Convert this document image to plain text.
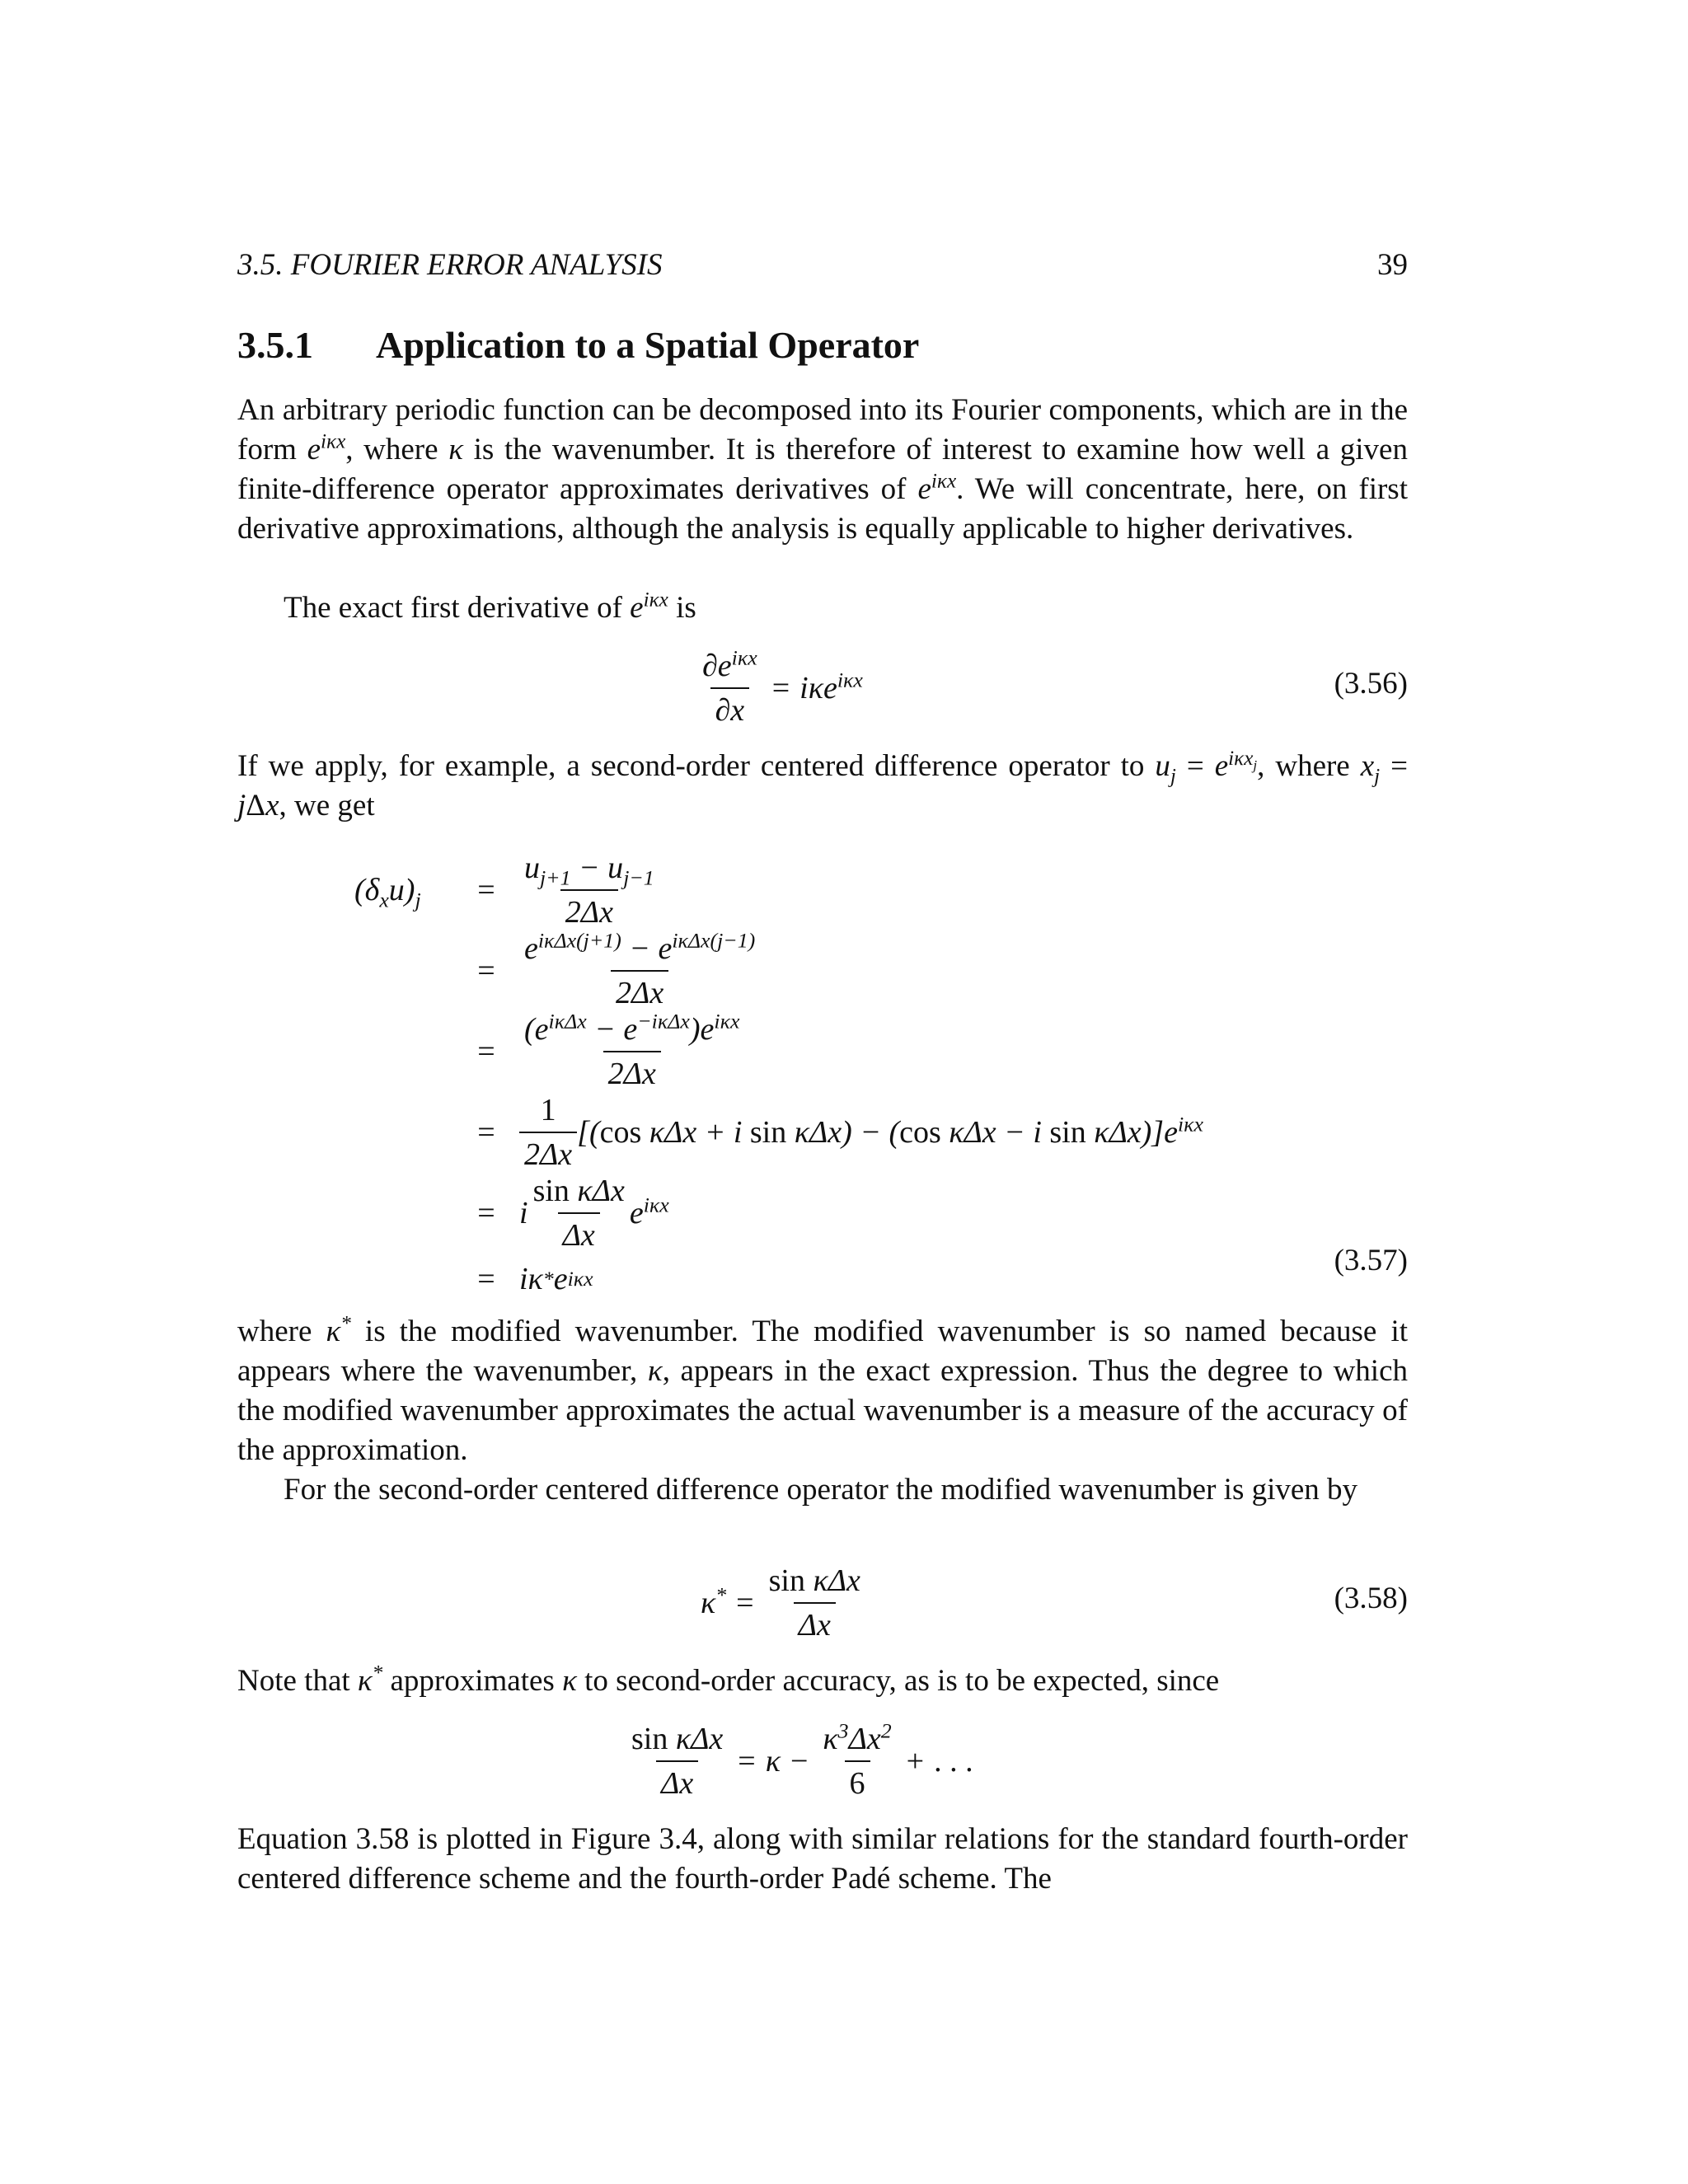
3.5. FOURIER ERROR ANALYSIS	39
3.5.1 Application to a Spatial Operator

An arbitrary periodic function can be decomposed into its Fourier components, which are in the form $e^{i\kappa x}$, where κ is the wavenumber. It is therefore of interest to examine how well a given finite-difference operator approximates derivatives of $e^{i\kappa x}$. We will concentrate, here, on first derivative approximations, although the analysis is equally applicable to higher derivatives.

The exact first derivative of $e^{i\kappa x}$ is

$\frac{\partial e^{i\kappa x}}{\partial x} = i\kappa e^{i\kappa x}$	(3.56)

If we apply, for example, a second-order centered difference operator to $u_j = e^{i\kappa x_j}$, where $x_j = j\Delta x$, we get

$(\delta_xu)_j = \frac{u_{j+1} - u_{j-1}}{2\Delta x}$
= $\frac{e^{i\kappa\Delta x(j+1)} - e^{i\kappa\Delta x(j-1)}}{2\Delta x}$
= $\frac{(e^{i\kappa\Delta x} - e^{-i\kappa\Delta x})e^{i\kappa x}}{2\Delta x}$
= $\frac{1}{2\Delta x} [(\cos$ κΔx + i sin κΔx) − (cos κΔx − i $\sin \kappa\Delta x)]e^{i\kappa x}$
= i $\frac{\text{sin κΔx}}{\Delta x} e^{i\kappa x}$
= iκ * e iκx
(3.57)

where κ* is the modified wavenumber. The modified wavenumber is so named because it appears where the wavenumber, κ, appears in the exact expression. Thus the degree to which the modified wavenumber approximates the actual wavenumber is a measure of the accuracy of the approximation.

For the second-order centered difference operator the modified wavenumber is given by

$\kappa^* = \frac{\text{sin κΔx}}{\Delta x}$	(3.58)

Note that κ* approximates κ to second-order accuracy, as is to be expected, since

$\frac{\text{sin κΔx}}{\Delta x} = \kappa - \frac{\kappa^3\Delta x^2}{6}$ + . . .

Equation 3.58 is plotted in Figure 3.4, along with similar relations for the standard fourth-order centered difference scheme and the fourth-order Padé scheme. The
